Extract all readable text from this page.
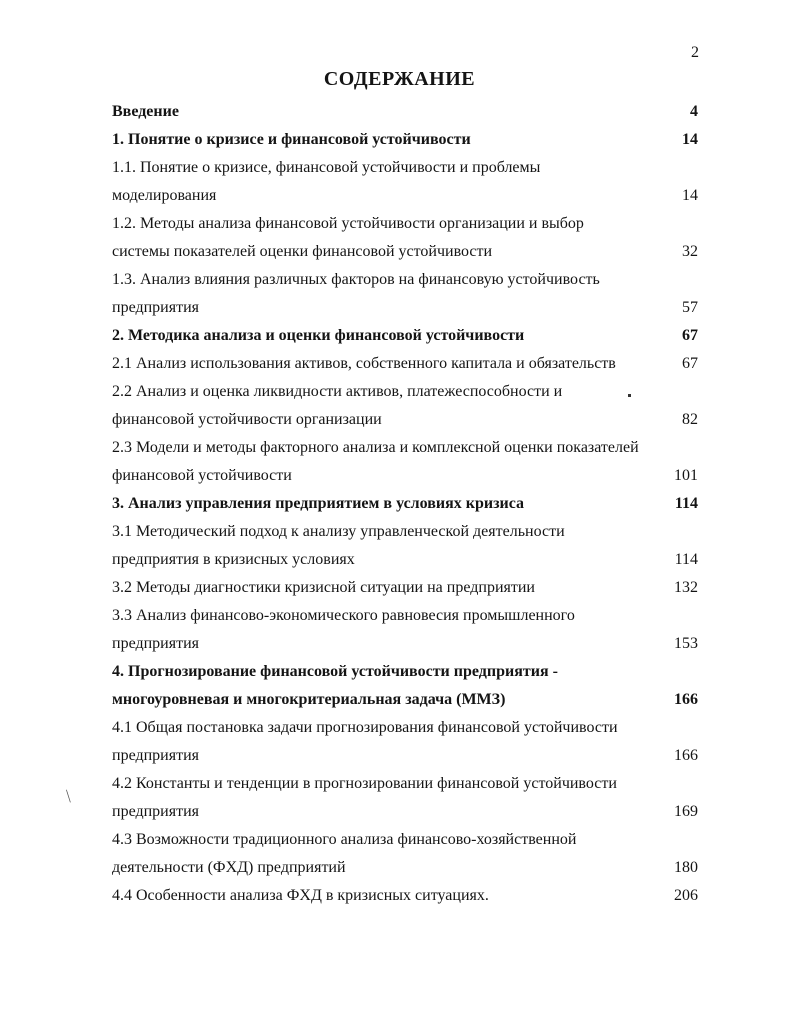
2
СОДЕРЖАНИЕ
Введение	4
1. Понятие о кризисе и финансовой устойчивости	14
1.1. Понятие о кризисе, финансовой устойчивости и проблемы моделирования	14
1.2. Методы анализа финансовой устойчивости организации и выбор системы показателей оценки финансовой устойчивости	32
1.3. Анализ влияния различных факторов на финансовую устойчивость предприятия	57
2. Методика анализа и оценки финансовой устойчивости	67
2.1 Анализ использования активов, собственного капитала и обязательств	67
2.2 Анализ и оценка ликвидности активов, платежеспособности и финансовой устойчивости организации	82
2.3 Модели и методы факторного анализа и комплексной оценки показателей финансовой устойчивости	101
3. Анализ управления предприятием в условиях кризиса	114
3.1 Методический подход к анализу управленческой деятельности предприятия в кризисных условиях	114
3.2 Методы диагностики кризисной ситуации на предприятии	132
3.3 Анализ финансово-экономического равновесия промышленного предприятия	153
4. Прогнозирование финансовой устойчивости предприятия - многоуровневая и многокритериальная задача (ММЗ)	166
4.1 Общая постановка задачи прогнозирования финансовой устойчивости предприятия	166
4.2 Константы и тенденции в прогнозировании финансовой устойчивости предприятия	169
4.3 Возможности традиционного анализа финансово-хозяйственной деятельности (ФХД) предприятий	180
4.4 Особенности анализа ФХД в кризисных ситуациях.	206
⧹
